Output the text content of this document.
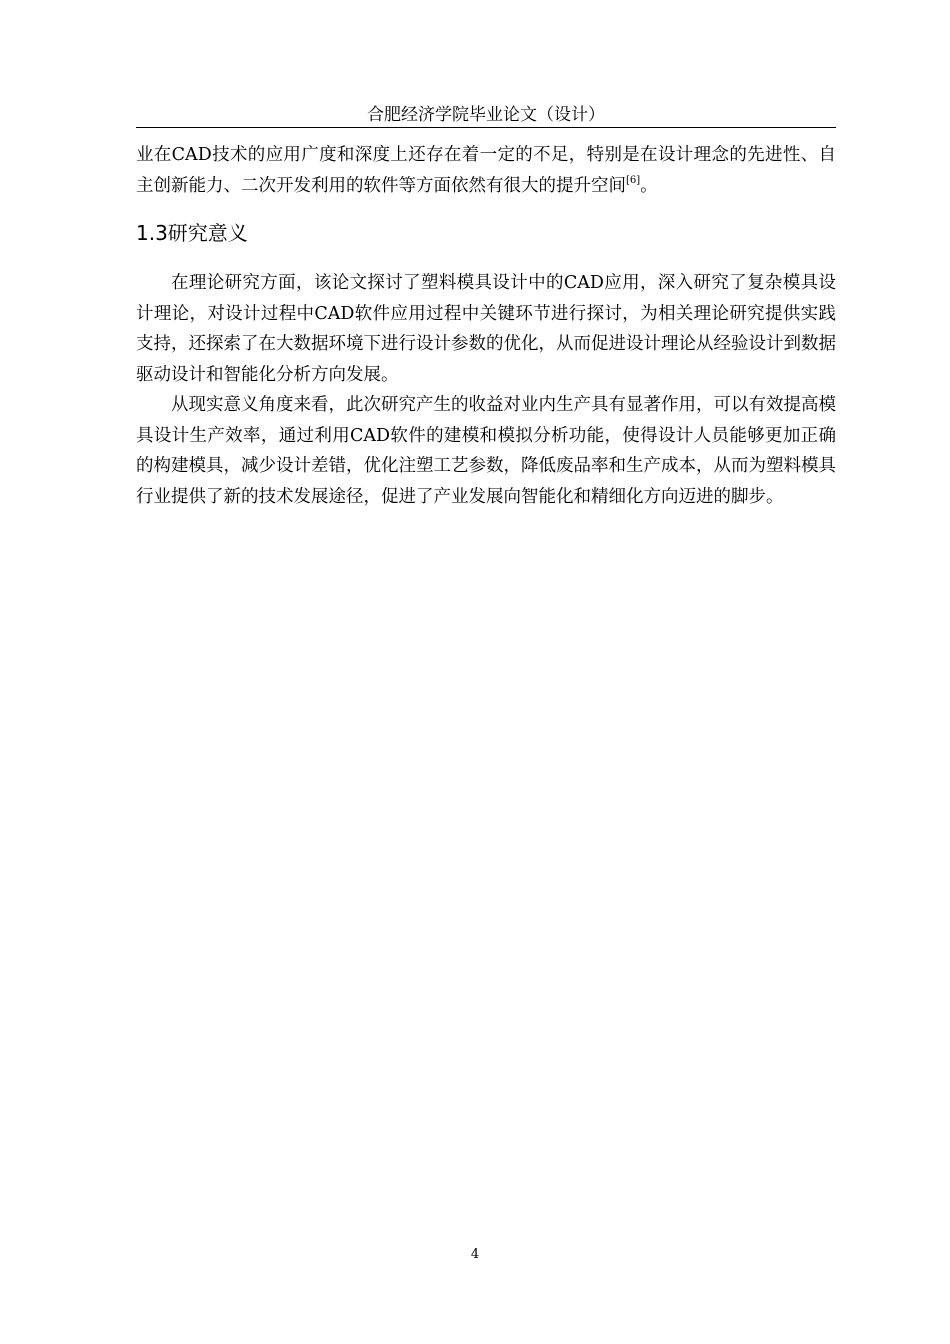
合肥经济学院毕业论文（设计）

业在CAD技术的应用广度和深度上还存在着一定的不足，特别是在设计理念的先进性、自主创新能力、二次开发利用的软件等方面依然有很大的提升空间[6]。

1.3研究意义

在理论研究方面，该论文探讨了塑料模具设计中的CAD应用，深入研究了复杂模具设计理论，对设计过程中CAD软件应用过程中关键环节进行探讨，为相关理论研究提供实践支持，还探索了在大数据环境下进行设计参数的优化，从而促进设计理论从经验设计到数据驱动设计和智能化分析方向发展。

从现实意义角度来看，此次研究产生的收益对业内生产具有显著作用，可以有效提高模具设计生产效率，通过利用CAD软件的建模和模拟分析功能，使得设计人员能够更加正确的构建模具，减少设计差错，优化注塑工艺参数，降低废品率和生产成本，从而为塑料模具行业提供了新的技术发展途径，促进了产业发展向智能化和精细化方向迈进的脚步。

4
